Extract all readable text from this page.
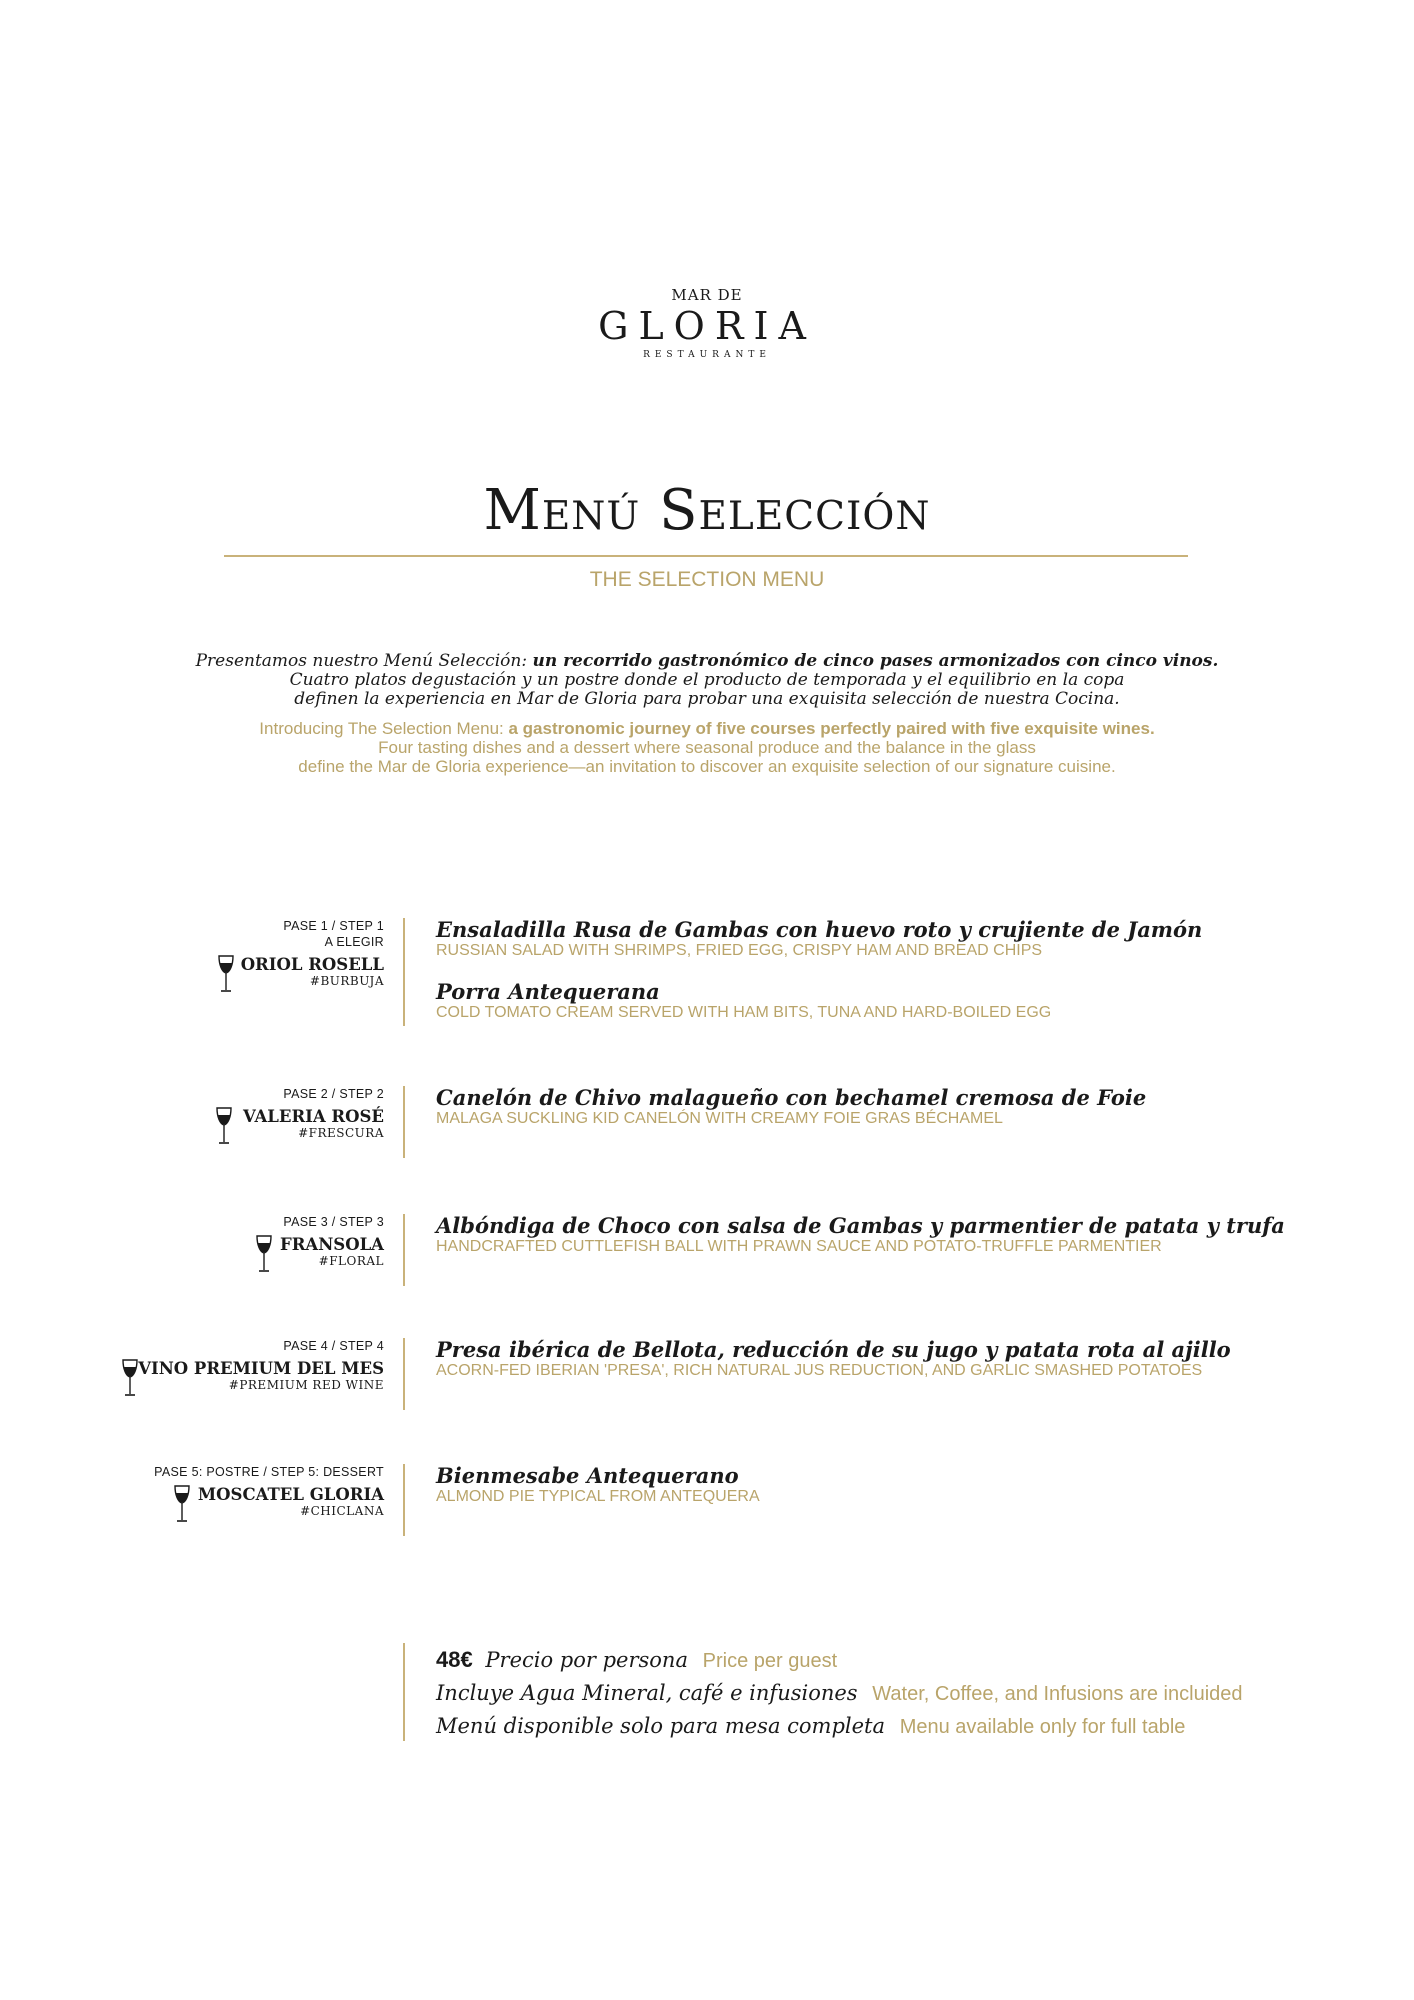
MAR DE
GLORIA
RESTAURANTE
Menú Selección
THE SELECTION MENU
Presentamos nuestro Menú Selección: un recorrido gastronómico de cinco pases armonizados con cinco vinos.
Cuatro platos degustación y un postre donde el producto de temporada y el equilibrio en la copa
definen la experiencia en Mar de Gloria para probar una exquisita selección de nuestra Cocina.
Introducing The Selection Menu: a gastronomic journey of five courses perfectly paired with five exquisite wines.
Four tasting dishes and a dessert where seasonal produce and the balance in the glass
define the Mar de Gloria experience—an invitation to discover an exquisite selection of our signature cuisine.
PASE 1 / STEP 1
A ELEGIR
ORIOL ROSELL
#BURBUJA
Ensaladilla Rusa de Gambas con huevo roto y crujiente de Jamón
RUSSIAN SALAD WITH SHRIMPS, FRIED EGG, CRISPY HAM AND BREAD CHIPS
Porra Antequerana
COLD TOMATO CREAM SERVED WITH HAM BITS, TUNA AND HARD-BOILED EGG
PASE 2 / STEP 2
VALERIA ROSÉ
#FRESCURA
Canelón de Chivo malagueño con bechamel cremosa de Foie
MALAGA SUCKLING KID CANELÓN WITH CREAMY FOIE GRAS BÉCHAMEL
PASE 3 / STEP 3
FRANSOLA
#FLORAL
Albóndiga de Choco con salsa de Gambas y parmentier de patata y trufa
HANDCRAFTED CUTTLEFISH BALL WITH PRAWN SAUCE AND POTATO-TRUFFLE PARMENTIER
PASE 4 / STEP 4
VINO PREMIUM DEL MES
#PREMIUM RED WINE
Presa ibérica de Bellota, reducción de su jugo y patata rota al ajillo
ACORN-FED IBERIAN 'PRESA', RICH NATURAL JUS REDUCTION, AND GARLIC SMASHED POTATOES
PASE 5: POSTRE / STEP 5: DESSERT
MOSCATEL GLORIA
#CHICLANA
Bienmesabe Antequerano
ALMOND PIE TYPICAL FROM ANTEQUERA
48€ Precio por persona Price per guest
Incluye Agua Mineral, café e infusiones Water, Coffee, and Infusions are incluided
Menú disponible solo para mesa completa Menu available only for full table
